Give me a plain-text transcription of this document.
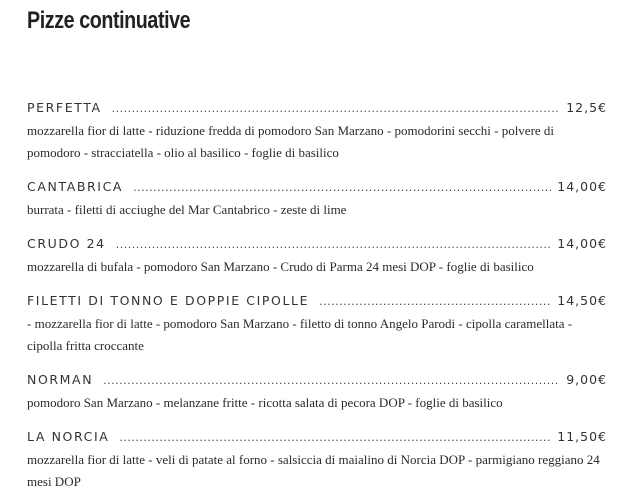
Pizze continuative
PERFETTA .....	12,5€

mozzarella fior di latte - riduzione fredda di pomodoro San Marzano - pomodorini secchi - polvere di pomodoro - stracciatella - olio al basilico - foglie di basilico

CANTABRICA .....	14,00€

burrata - filetti di acciughe del Mar Cantabrico - zeste di lime

CRUDO 24 .....	14,00€

mozzarella di bufala - pomodoro San Marzano - Crudo di Parma 24 mesi DOP - foglie di basilico

FILETTI DI TONNO E DOPPIE CIPOLLE .....	14,50€

- mozzarella fior di latte - pomodoro San Marzano - filetto di tonno Angelo Parodi - cipolla caramellata - cipolla fritta croccante

NORMAN .....	9,00€

pomodoro San Marzano - melanzane fritte - ricotta salata di pecora DOP - foglie di basilico

LA NORCIA .....	11,50€

mozzarella fior di latte - veli di patate al forno - salsiccia di maialino di Norcia DOP - parmigiano reggiano 24 mesi DOP
